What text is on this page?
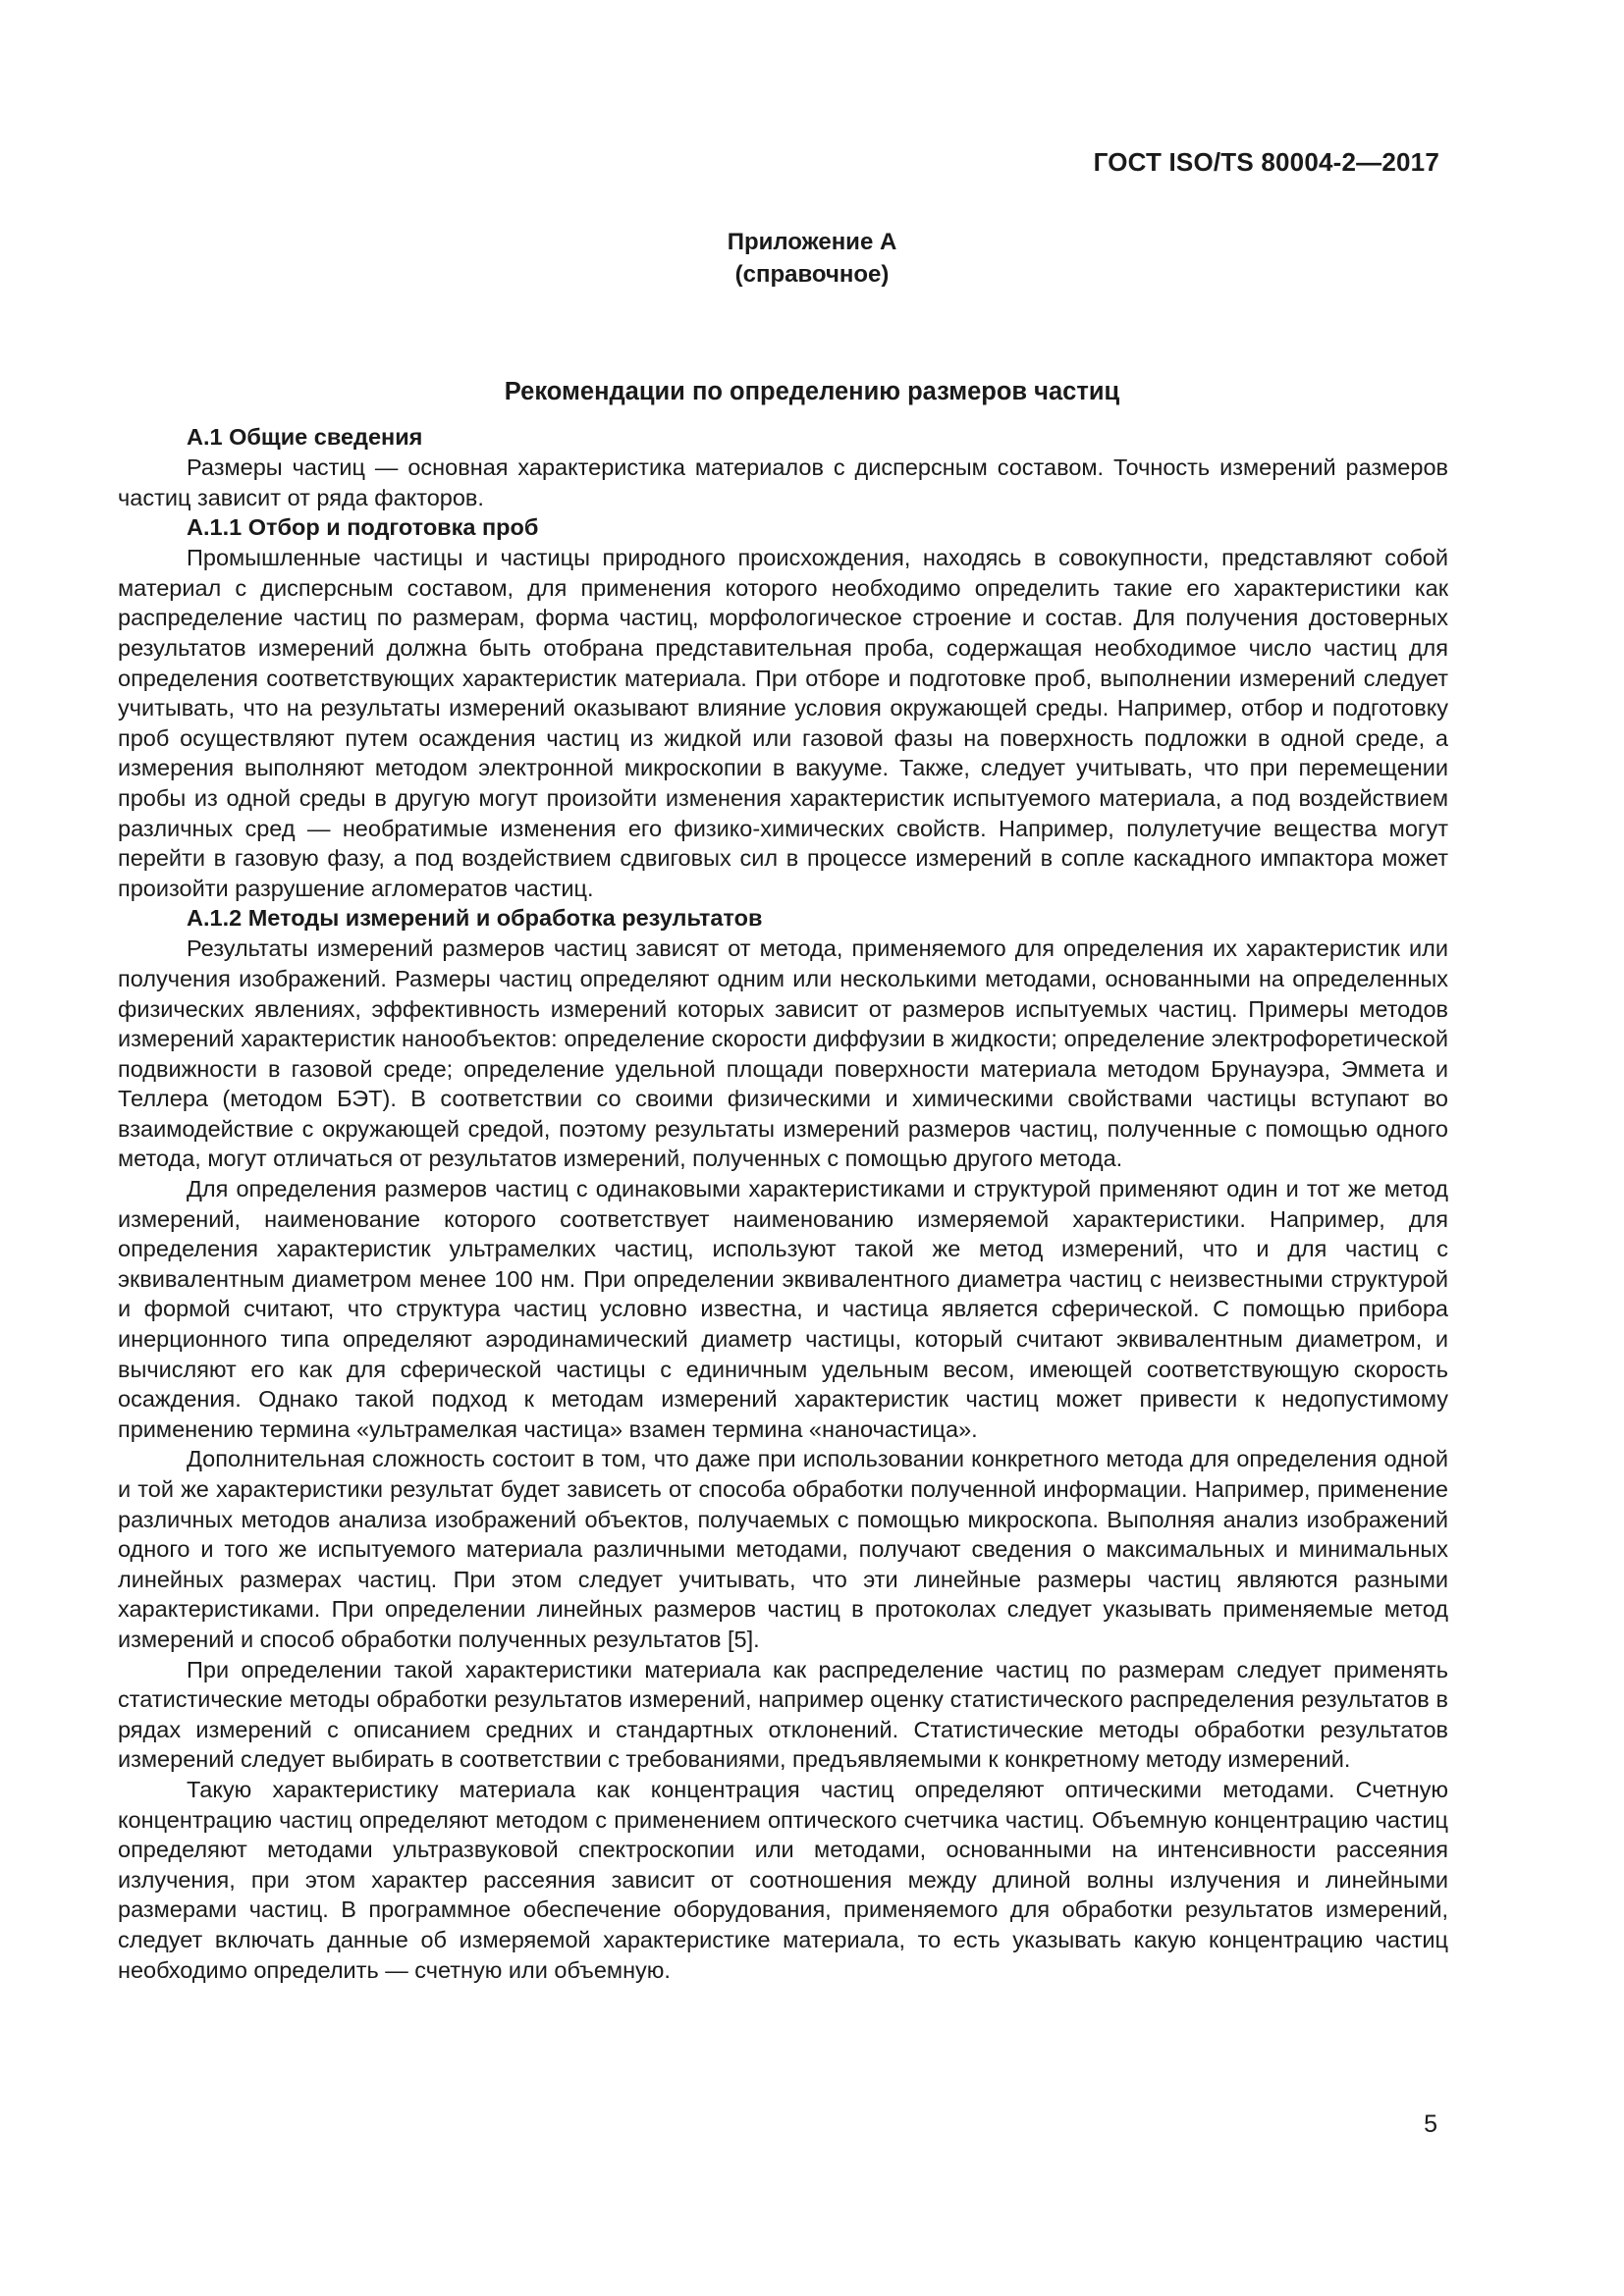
ГОСТ ISO/TS 80004-2—2017
Приложение А
(справочное)
Рекомендации по определению размеров частиц
А.1 Общие сведения

Размеры частиц — основная характеристика материалов с дисперсным составом. Точность измерений размеров частиц зависит от ряда факторов.

А.1.1 Отбор и подготовка проб

Промышленные частицы и частицы природного происхождения, находясь в совокупности, представляют собой материал с дисперсным составом, для применения которого необходимо определить такие его характеристики как распределение частиц по размерам, форма частиц, морфологическое строение и состав. Для получения достоверных результатов измерений должна быть отобрана представительная проба, содержащая необходимое число частиц для определения соответствующих характеристик материала. При отборе и подготовке проб, выполнении измерений следует учитывать, что на результаты измерений оказывают влияние условия окружающей среды. Например, отбор и подготовку проб осуществляют путем осаждения частиц из жидкой или газовой фазы на поверхность подложки в одной среде, а измерения выполняют методом электронной микроскопии в вакууме. Также, следует учитывать, что при перемещении пробы из одной среды в другую могут произойти изменения характеристик испытуемого материала, а под воздействием различных сред — необратимые изменения его физико-химических свойств. Например, полулетучие вещества могут перейти в газовую фазу, а под воздействием сдвиговых сил в процессе измерений в сопле каскадного импактора может произойти разрушение агломератов частиц.

А.1.2 Методы измерений и обработка результатов

Результаты измерений размеров частиц зависят от метода, применяемого для определения их характеристик или получения изображений. Размеры частиц определяют одним или несколькими методами, основанными на определенных физических явлениях, эффективность измерений которых зависит от размеров испытуемых частиц. Примеры методов измерений характеристик нанообъектов: определение скорости диффузии в жидкости; определение электрофоретической подвижности в газовой среде; определение удельной площади поверхности материала методом Брунауэра, Эммета и Теллера (методом БЭТ). В соответствии со своими физическими и химическими свойствами частицы вступают во взаимодействие с окружающей средой, поэтому результаты измерений размеров частиц, полученные с помощью одного метода, могут отличаться от результатов измерений, полученных с помощью другого метода.

Для определения размеров частиц с одинаковыми характеристиками и структурой применяют один и тот же метод измерений, наименование которого соответствует наименованию измеряемой характеристики. Например, для определения характеристик ультрамелких частиц, используют такой же метод измерений, что и для частиц с эквивалентным диаметром менее 100 нм. При определении эквивалентного диаметра частиц с неизвестными структурой и формой считают, что структура частиц условно известна, и частица является сферической. С помощью прибора инерционного типа определяют аэродинамический диаметр частицы, который считают эквивалентным диаметром, и вычисляют его как для сферической частицы с единичным удельным весом, имеющей соответствующую скорость осаждения. Однако такой подход к методам измерений характеристик частиц может привести к недопустимому применению термина «ультрамелкая частица» взамен термина «наночастица».

Дополнительная сложность состоит в том, что даже при использовании конкретного метода для определения одной и той же характеристики результат будет зависеть от способа обработки полученной информации. Например, применение различных методов анализа изображений объектов, получаемых с помощью микроскопа. Выполняя анализ изображений одного и того же испытуемого материала различными методами, получают сведения о максимальных и минимальных линейных размерах частиц. При этом следует учитывать, что эти линейные размеры частиц являются разными характеристиками. При определении линейных размеров частиц в протоколах следует указывать применяемые метод измерений и способ обработки полученных результатов [5].

При определении такой характеристики материала как распределение частиц по размерам следует применять статистические методы обработки результатов измерений, например оценку статистического распределения результатов в рядах измерений с описанием средних и стандартных отклонений. Статистические методы обработки результатов измерений следует выбирать в соответствии с требованиями, предъявляемыми к конкретному методу измерений.

Такую характеристику материала как концентрация частиц определяют оптическими методами. Счетную концентрацию частиц определяют методом с применением оптического счетчика частиц. Объемную концентрацию частиц определяют методами ультразвуковой спектроскопии или методами, основанными на интенсивности рассеяния излучения, при этом характер рассеяния зависит от соотношения между длиной волны излучения и линейными размерами частиц. В программное обеспечение оборудования, применяемого для обработки результатов измерений, следует включать данные об измеряемой характеристике материала, то есть указывать какую концентрацию частиц необходимо определить — счетную или объемную.

5
